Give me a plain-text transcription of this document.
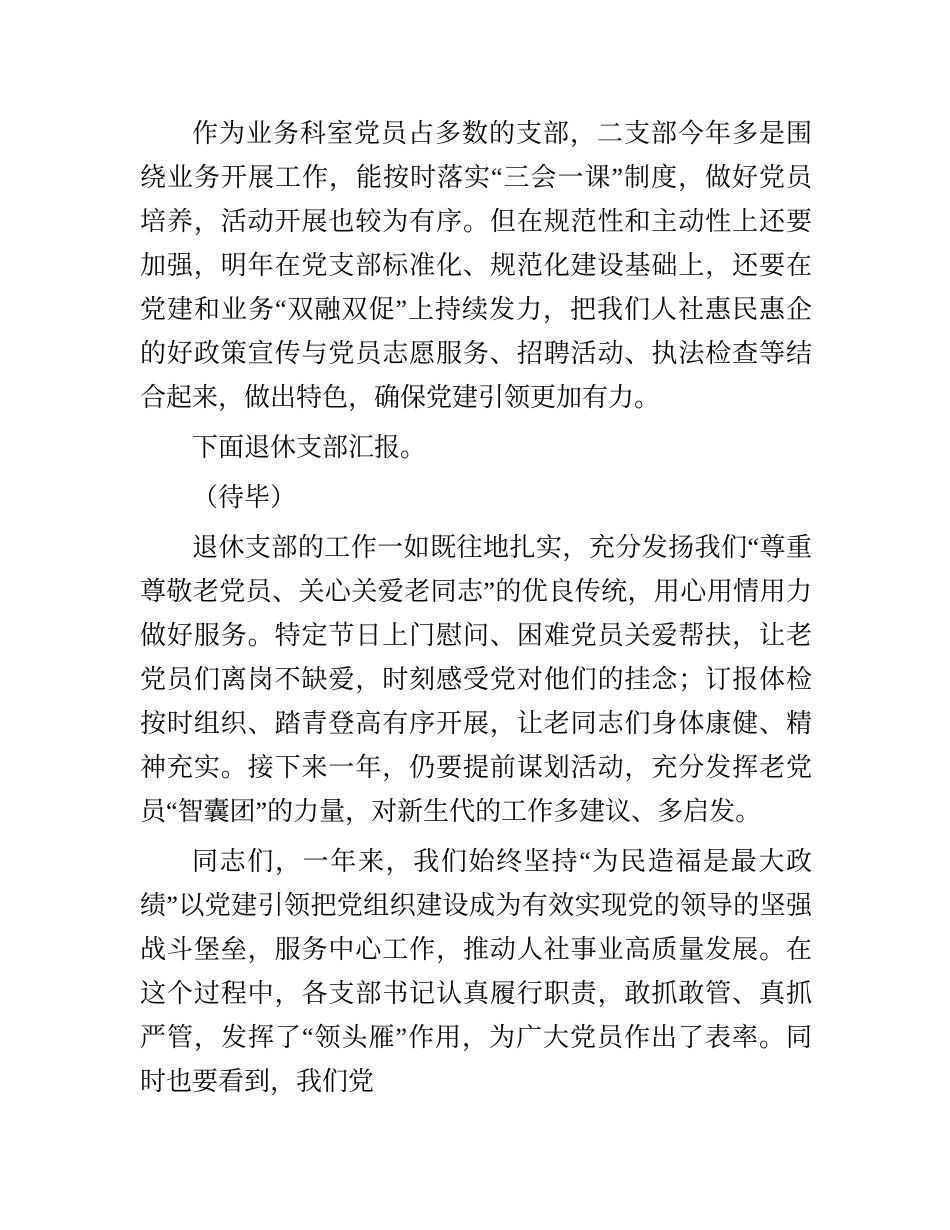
作为业务科室党员占多数的支部，二支部今年多是围绕业务开展工作，能按时落实“三会一课”制度，做好党员培养，活动开展也较为有序。但在规范性和主动性上还要加强，明年在党支部标准化、规范化建设基础上，还要在党建和业务“双融双促”上持续发力，把我们人社惠民惠企的好政策宣传与党员志愿服务、招聘活动、执法检查等结合起来，做出特色，确保党建引领更加有力。

下面退休支部汇报。

（待毕）

退休支部的工作一如既往地扎实，充分发扬我们“尊重尊敬老党员、关心关爱老同志”的优良传统，用心用情用力做好服务。特定节日上门慰问、困难党员关爱帮扶，让老党员们离岗不缺爱，时刻感受党对他们的挂念；订报体检按时组织、踏青登高有序开展，让老同志们身体康健、精神充实。接下来一年，仍要提前谋划活动，充分发挥老党员“智囊团”的力量，对新生代的工作多建议、多启发。

同志们，一年来，我们始终坚持“为民造福是最大政绩”以党建引领把党组织建设成为有效实现党的领导的坚强战斗堡垒，服务中心工作，推动人社事业高质量发展。在这个过程中，各支部书记认真履行职责，敢抓敢管、真抓严管，发挥了“领头雁”作用，为广大党员作出了表率。同时也要看到，我们党
